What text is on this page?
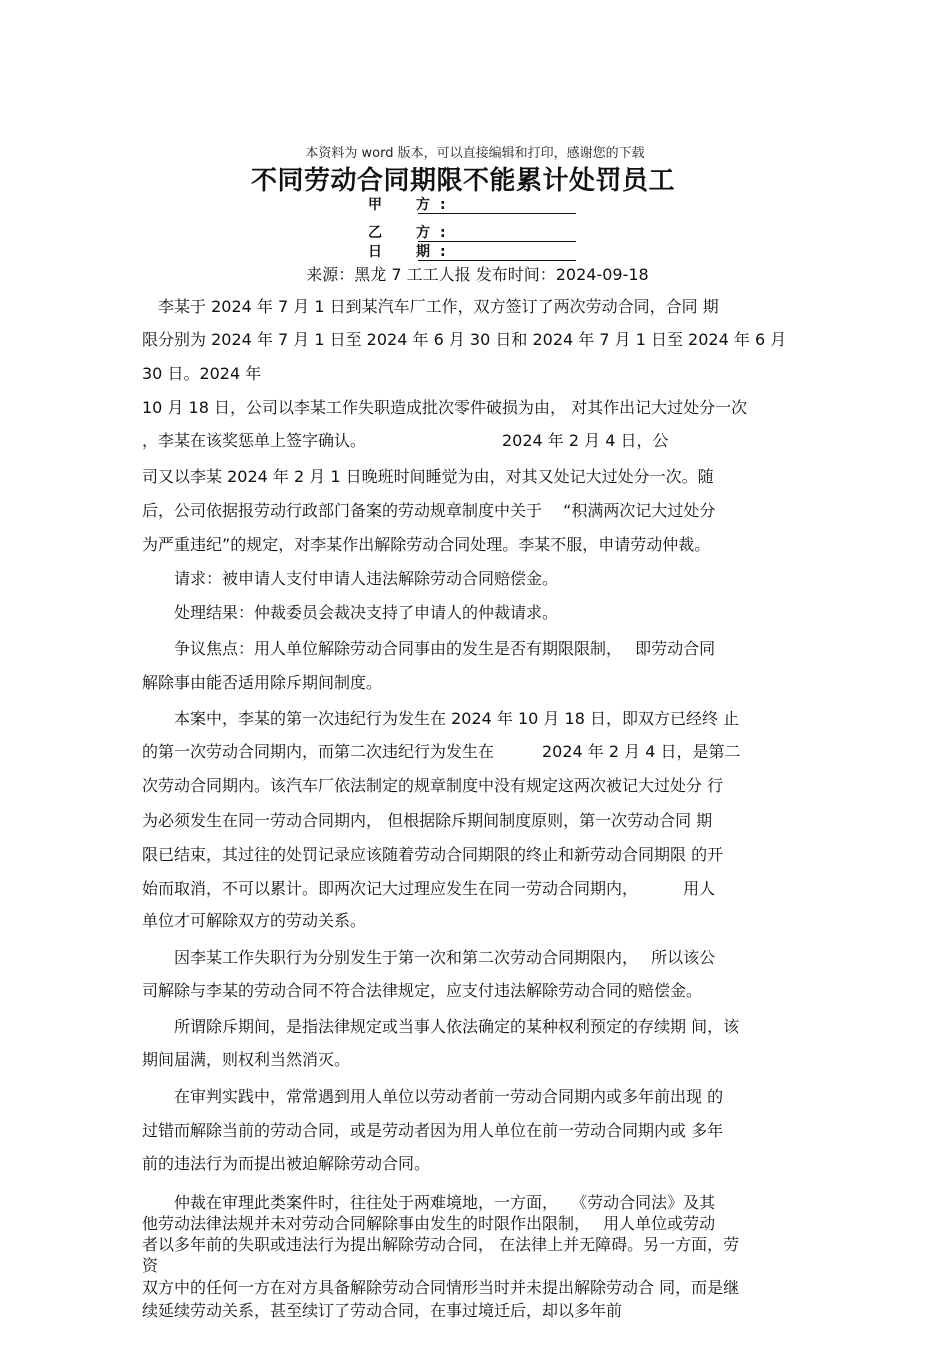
本资料为 word 版本，可以直接编辑和打印，感谢您的下载
不同劳动合同期限不能累计处罚员工
甲　方:
乙　方:
日　期:
来源：黑龙 7 工工人报 发布时间：2024-09-18
　李某于 2024 年 7 月 1 日到某汽车厂工作，双方签订了两次劳动合同，合同 期
限分别为 2024 年 7 月 1 日至 2024 年 6 月 30 日和 2024 年 7 月 1 日至 2024 年 6 月
30 日。2024 年
10 月 18 日，公司以李某工作失职造成批次零件破损为由， 对其作出记大过处分一次
，李某在该奖惩单上签字确认。　　　　　　　　　2024 年 2 月 4 日，公
司又以李某 2024 年 2 月 1 日晚班时间睡觉为由，对其又处记大过处分一次。随
后，公司依据报劳动行政部门备案的劳动规章制度中关于　 “积满两次记大过处分
为严重违纪”的规定，对李某作出解除劳动合同处理。李某不服，申请劳动仲裁。
　　请求：被申请人支付申请人违法解除劳动合同赔偿金。
　　处理结果：仲裁委员会裁决支持了申请人的仲裁请求。
　　争议焦点：用人单位解除劳动合同事由的发生是否有期限限制，　 即劳动合同
解除事由能否适用除斥期间制度。
　　本案中，李某的第一次违纪行为发生在 2024 年 10 月 18 日，即双方已经终 止
的第一次劳动合同期内，而第二次违纪行为发生在　　　2024 年 2 月 4 日，是第二
次劳动合同期内。该汽车厂依法制定的规章制度中没有规定这两次被记大过处分 行
为必须发生在同一劳动合同期内， 但根据除斥期间制度原则，第一次劳动合同 期
限已结束，其过往的处罚记录应该随着劳动合同期限的终止和新劳动合同期限 的开
始而取消，不可以累计。即两次记大过理应发生在同一劳动合同期内，　　　 用人
单位才可解除双方的劳动关系。
　　因李某工作失职行为分别发生于第一次和第二次劳动合同期限内，　 所以该公
司解除与李某的劳动合同不符合法律规定，应支付违法解除劳动合同的赔偿金。
　　所谓除斥期间，是指法律规定或当事人依法确定的某种权利预定的存续期 间，该
期间届满，则权利当然消灭。
　　在审判实践中，常常遇到用人单位以劳动者前一劳动合同期内或多年前出现 的
过错而解除当前的劳动合同，或是劳动者因为用人单位在前一劳动合同期内或 多年
前的违法行为而提出被迫解除劳动合同。
　　仲裁在审理此类案件时，往往处于两难境地，一方面，　 《劳动合同法》及其
他劳动法律法规并未对劳动合同解除事由发生的时限作出限制，　 用人单位或劳动
者以多年前的失职或违法行为提出解除劳动合同， 在法律上并无障碍。另一方面，劳
资
双方中的任何一方在对方具备解除劳动合同情形当时并未提出解除劳动合 同，而是继
续延续劳动关系，甚至续订了劳动合同，在事过境迁后，却以多年前
